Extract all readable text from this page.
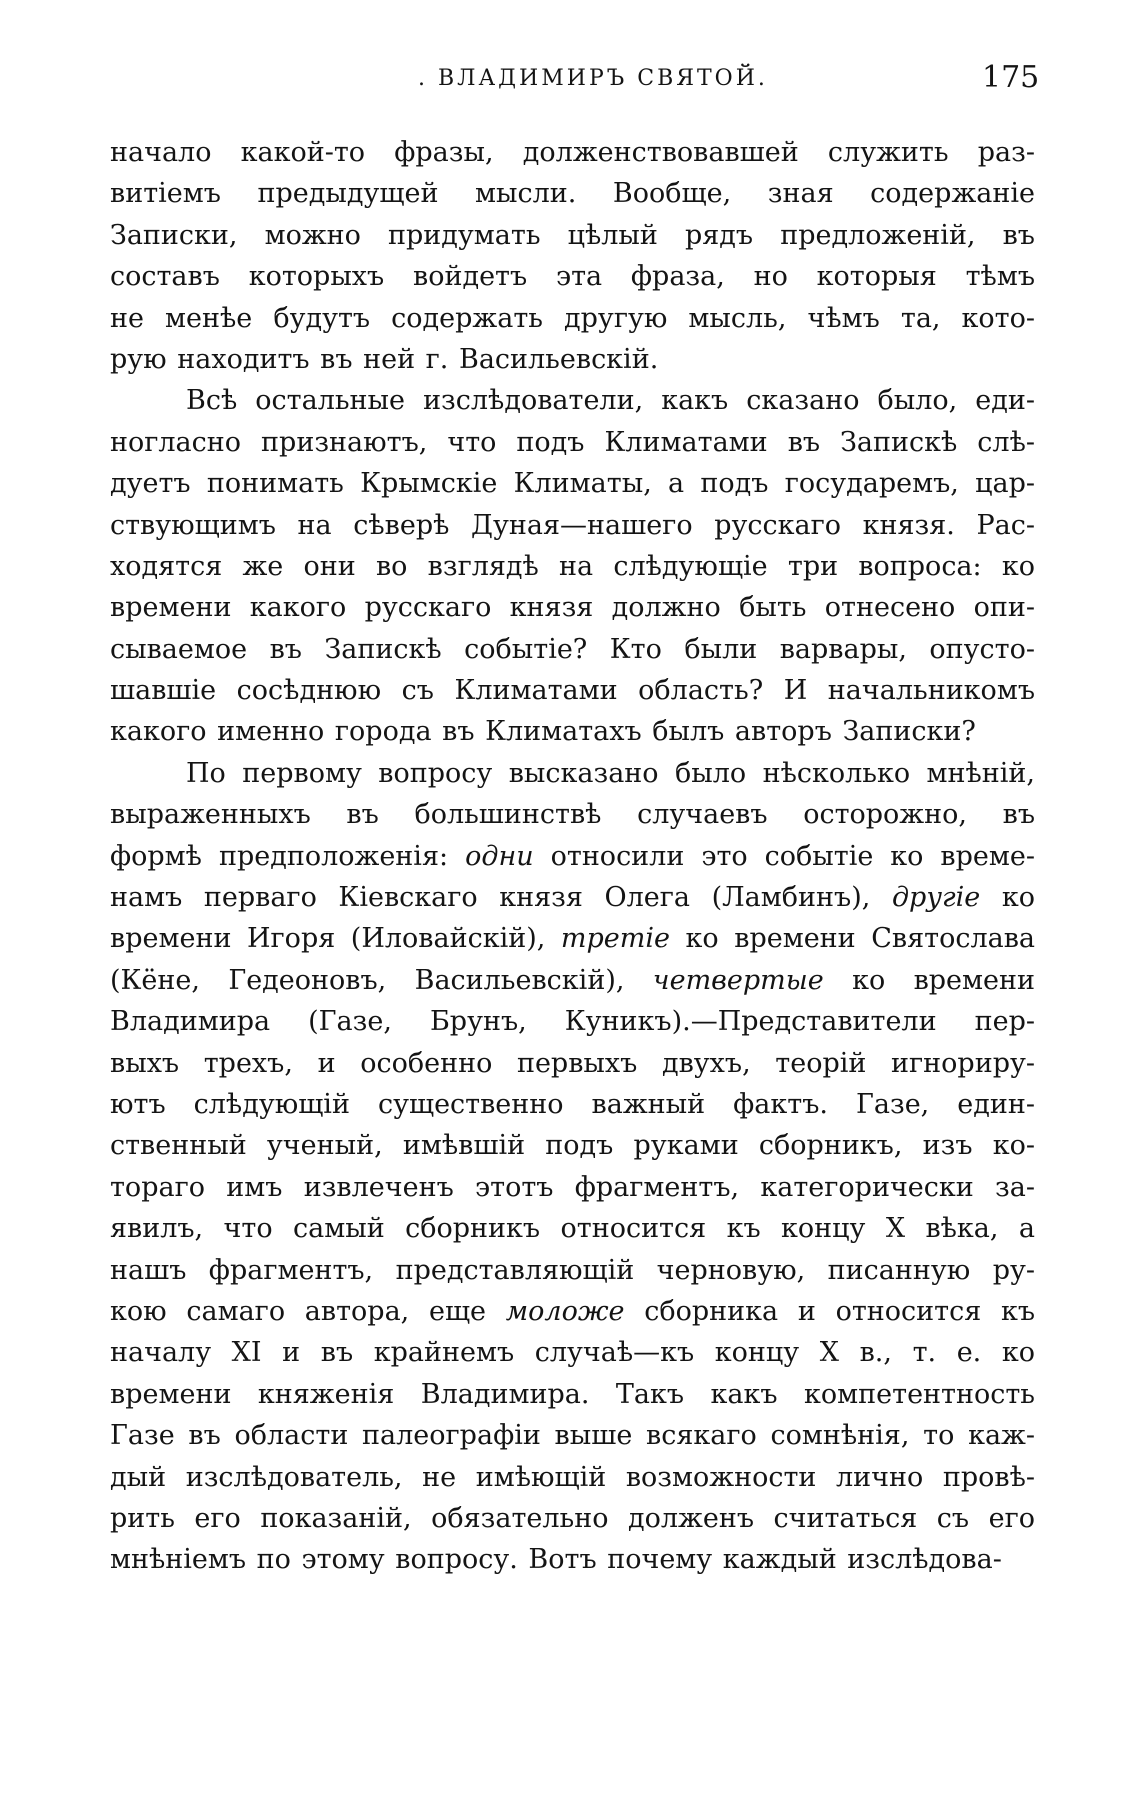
. ВЛАДИМИРЪ СВЯТОЙ.	175
начало какой-то фразы, долженствовавшей служить раз-
витіемъ предыдущей мысли. Вообще, зная содержаніе
Записки, можно придумать цѣлый рядъ предложеній, въ
составъ которыхъ войдетъ эта фраза, но которыя тѣмъ
не менѣе будутъ содержать другую мысль, чѣмъ та, кото-
рую находитъ въ ней г. Васильевскій.
Всѣ остальные изслѣдователи, какъ сказано было, еди-
ногласно признаютъ, что подъ Климатами въ Запискѣ слѣ-
дуетъ понимать Крымскіе Климаты, а подъ государемъ, цар-
ствующимъ на сѣверѣ Дуная—нашего русскаго князя. Рас-
ходятся же они во взглядѣ на слѣдующіе три вопроса: ко
времени какого русскаго князя должно быть отнесено опи-
сываемое въ Запискѣ событіе? Кто были варвары, опусто-
шавшіе сосѣднюю съ Климатами область? И начальникомъ
какого именно города въ Климатахъ былъ авторъ Записки?
По первому вопросу высказано было нѣсколько мнѣній,
выраженныхъ въ большинствѣ случаевъ осторожно, въ
формѣ предположенія: одни относили это событіе ко време-
намъ перваго Кіевскаго князя Олега (Ламбинъ), другіе ко
времени Игоря (Иловайскій), третіе ко времени Святослава
(Кёне, Гедеоновъ, Васильевскій), четвертые ко времени
Владимира (Газе, Брунъ, Куникъ).—Представители пер-
выхъ трехъ, и особенно первыхъ двухъ, теорій игнориру-
ютъ слѣдующій существенно важный фактъ. Газе, един-
ственный ученый, имѣвшій подъ руками сборникъ, изъ ко-
тораго имъ извлеченъ этотъ фрагментъ, категорически за-
явилъ, что самый сборникъ относится къ концу X вѣка, а
нашъ фрагментъ, представляющій черновую, писанную ру-
кою самаго автора, еще моложе сборника и относится къ
началу XI и въ крайнемъ случаѣ—къ концу X в., т. е. ко
времени княженія Владимира. Такъ какъ компетентность
Газе въ области палеографіи выше всякаго сомнѣнія, то каж-
дый изслѣдователь, не имѣющій возможности лично провѣ-
рить его показаній, обязательно долженъ считаться съ его
мнѣніемъ по этому вопросу. Вотъ почему каждый изслѣдова-
